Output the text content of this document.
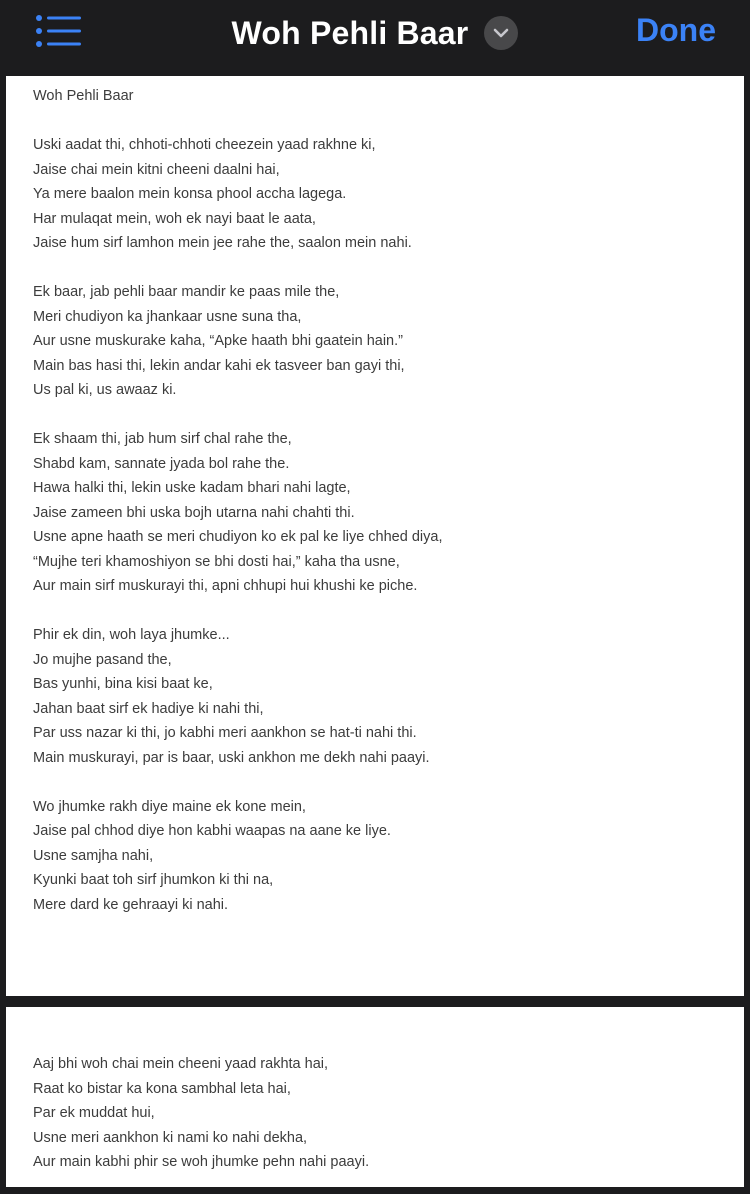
Woh Pehli Baar	Done
Woh Pehli Baar
Uski aadat thi, chhoti-chhoti cheezein yaad rakhne ki,
Jaise chai mein kitni cheeni daalni hai,
Ya mere baalon mein konsa phool accha lagega.
Har mulaqat mein, woh ek nayi baat le aata,
Jaise hum sirf lamhon mein jee rahe the, saalon mein nahi.
Ek baar, jab pehli baar mandir ke paas mile the,
Meri chudiyon ka jhankaar usne suna tha,
Aur usne muskurake kaha, “Apke haath bhi gaatein hain.”
Main bas hasi thi, lekin andar kahi ek tasveer ban gayi thi,
Us pal ki, us awaaz ki.
Ek shaam thi, jab hum sirf chal rahe the,
Shabd kam, sannate jyada bol rahe the.
Hawa halki thi, lekin uske kadam bhari nahi lagte,
Jaise zameen bhi uska bojh utarna nahi chahti thi.
Usne apne haath se meri chudiyon ko ek pal ke liye chhed diya,
“Mujhe teri khamoshiyon se bhi dosti hai,” kaha tha usne,
Aur main sirf muskurayi thi, apni chhupi hui khushi ke piche.
Phir ek din, woh laya jhumke...
Jo mujhe pasand the,
Bas yunhi, bina kisi baat ke,
Jahan baat sirf ek hadiye ki nahi thi,
Par uss nazar ki thi, jo kabhi meri aankhon se hat-ti nahi thi.
Main muskurayi, par is baar, uski ankhon me dekh nahi paayi.
Wo jhumke rakh diye maine ek kone mein,
Jaise pal chhod diye hon kabhi waapas na aane ke liye.
Usne samjha nahi,
Kyunki baat toh sirf jhumkon ki thi na,
Mere dard ke gehraayi ki nahi.
Aaj bhi woh chai mein cheeni yaad rakhta hai,
Raat ko bistar ka kona sambhal leta hai,
Par ek muddat hui,
Usne meri aankhon ki nami ko nahi dekha,
Aur main kabhi phir se woh jhumke pehn nahi paayi.
